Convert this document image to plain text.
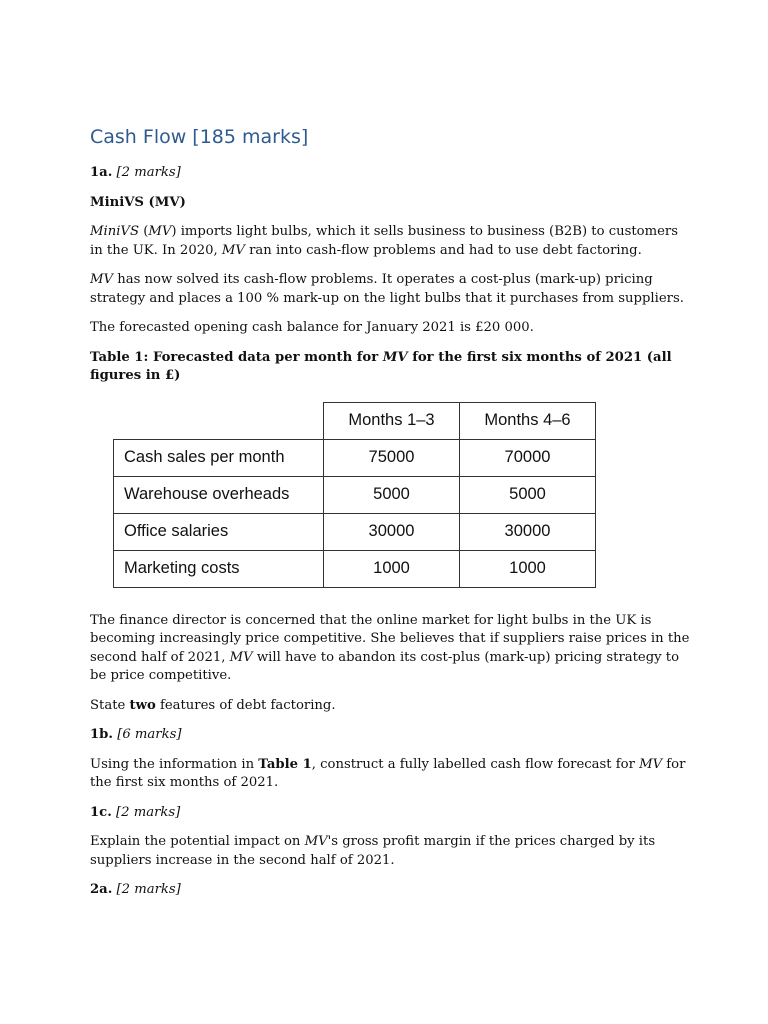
Cash Flow [185 marks]

1a. [2 marks]

MiniVS (MV)

MiniVS (MV) imports light bulbs, which it sells business to business (B2B) to customers in the UK. In 2020, MV ran into cash-flow problems and had to use debt factoring.

MV has now solved its cash-flow problems. It operates a cost-plus (mark-up) pricing strategy and places a 100 % mark-up on the light bulbs that it purchases from suppliers.

The forecasted opening cash balance for January 2021 is £20 000.

Table 1: Forecasted data per month for MV for the first six months of 2021 (all figures in £)

	Months 1–3	Months 4–6
Cash sales per month	75000	70000
Warehouse overheads	5000	5000
Office salaries	30000	30000
Marketing costs	1000	1000

The finance director is concerned that the online market for light bulbs in the UK is becoming increasingly price competitive. She believes that if suppliers raise prices in the second half of 2021, MV will have to abandon its cost-plus (mark-up) pricing strategy to be price competitive.

State two features of debt factoring.

1b. [6 marks]

Using the information in Table 1, construct a fully labelled cash flow forecast for MV for the first six months of 2021.

1c. [2 marks]

Explain the potential impact on MV's gross profit margin if the prices charged by its suppliers increase in the second half of 2021.

2a. [2 marks]
